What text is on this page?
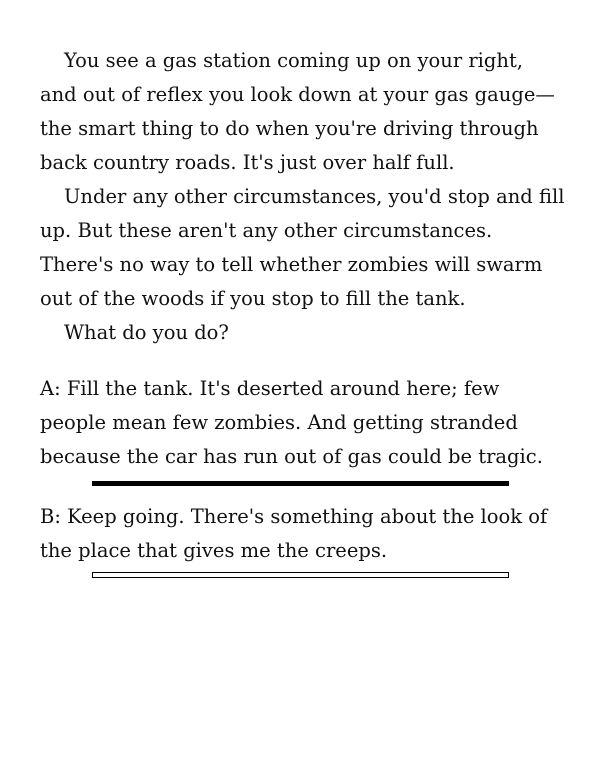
You see a gas station coming up on your right, and out of reflex you look down at your gas gauge—the smart thing to do when you're driving through back country roads. It's just over half full.

Under any other circumstances, you'd stop and fill up. But these aren't any other circumstances. There's no way to tell whether zombies will swarm out of the woods if you stop to fill the tank.

What do you do?

A: Fill the tank. It's deserted around here; few people mean few zombies. And getting stranded because the car has run out of gas could be tragic.
B: Keep going. There's something about the look of the place that gives me the creeps.
